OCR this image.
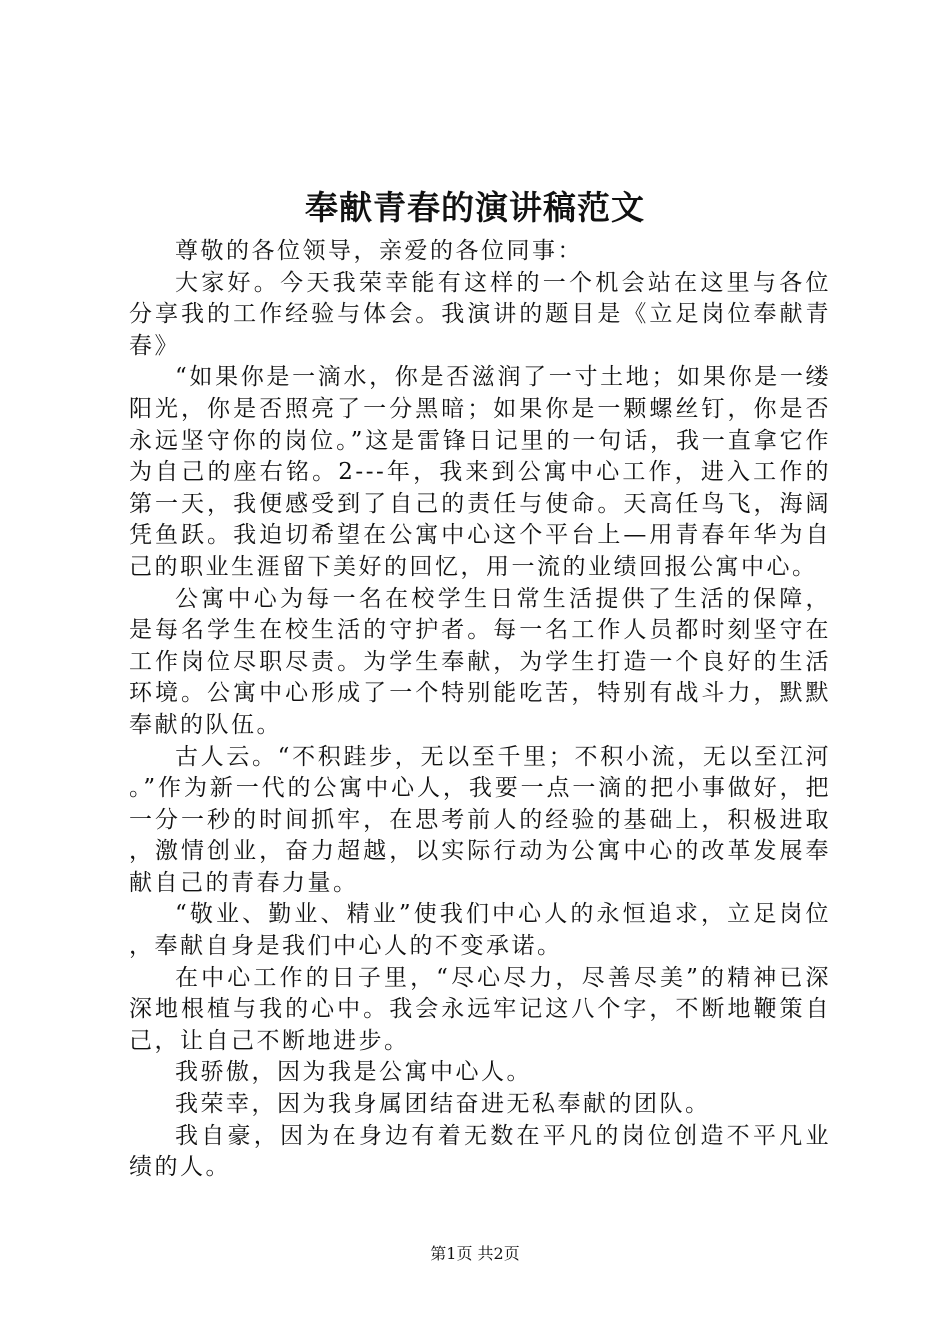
奉献青春的演讲稿范文

尊敬的各位领导，亲爱的各位同事：

大家好。今天我荣幸能有这样的一个机会站在这里与各位分享我的工作经验与体会。我演讲的题目是《立足岗位奉献青春》

“如果你是一滴水，你是否滋润了一寸土地；如果你是一缕阳光，你是否照亮了一分黑暗；如果你是一颗螺丝钉，你是否永远坚守你的岗位。”这是雷锋日记里的一句话，我一直拿它作为自己的座右铭。2---年，我来到公寓中心工作，进入工作的第一天，我便感受到了自己的责任与使命。天高任鸟飞，海阔凭鱼跃。我迫切希望在公寓中心这个平台上—用青春年华为自己的职业生涯留下美好的回忆，用一流的业绩回报公寓中心。

公寓中心为每一名在校学生日常生活提供了生活的保障，是每名学生在校生活的守护者。每一名工作人员都时刻坚守在工作岗位尽职尽责。为学生奉献，为学生打造一个良好的生活环境。公寓中心形成了一个特别能吃苦，特别有战斗力，默默奉献的队伍。

古人云。“不积跬步，无以至千里；不积小流，无以至江河。”作为新一代的公寓中心人，我要一点一滴的把小事做好，把一分一秒的时间抓牢，在思考前人的经验的基础上，积极进取，激情创业，奋力超越，以实际行动为公寓中心的改革发展奉献自己的青春力量。

“敬业、勤业、精业”使我们中心人的永恒追求，立足岗位，奉献自身是我们中心人的不变承诺。

在中心工作的日子里，“尽心尽力，尽善尽美”的精神已深深地根植与我的心中。我会永远牢记这八个字，不断地鞭策自己，让自己不断地进步。

我骄傲，因为我是公寓中心人。

我荣幸，因为我身属团结奋进无私奉献的团队。

我自豪，因为在身边有着无数在平凡的岗位创造不平凡业绩的人。

第1页 共2页
